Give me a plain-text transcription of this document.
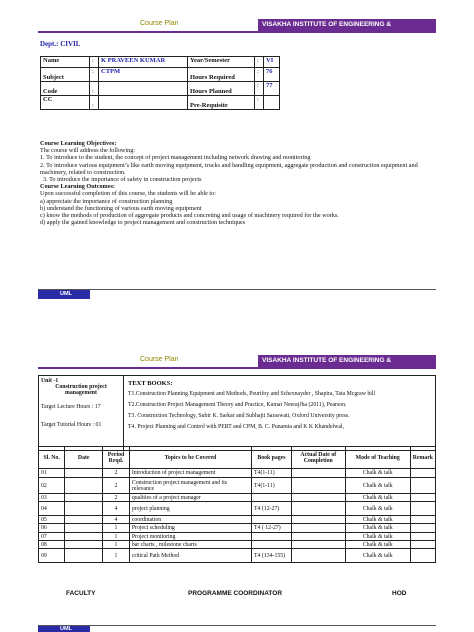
Course Plan	VISAKHA INSTITUTE OF ENGINEERING & TECHNOLOGY
Dept.: CIVIL
Name	:	K PRAVEEN KUMAR	Year/Semester	:	VI
Subject	:	CTPM	Hours Required	:	76
Code	:		Hours Planned	:	77
CC	:		Pre-Requisite	:	
Course Learning Objectives:
The course will address the following:
1. To introduce to the student, the concept of project management including network drawing and monitoring
2. To introduce various equipment’s like earth moving equipment, trucks and handling equipment, aggregate production and construction equipment and machinery, related to construction.
3. To introduce the importance of safety in construction projects
Course Learning Outcomes:
Upon successful completion of this course, the students will be able to:
a) appreciate the importance of construction planning
b) understand the functioning of various earth moving equipment
c) know the methods of production of aggregate products and concreting and usage of machinery required for the works.
d) apply the gained knowledge to project management and construction techniques
UML
Course Plan	VISAKHA INSTITUTE OF ENGINEERING & TECHNOLOGY
Unit -1
Construction project management
Target Lecture Hours : 17
Target Tutorial Hours : 01

TEXT BOOKS:
T1.Construction Planning Equipment and Methods, Peurifoy and Schexnayder , Shapira, Tata Mcgraw hill
T2.Construction Project Management Theory and Practice, Kumar NeerajJha (2011), Pearson.
T3. Construction Technology, Subir K. Sarkar and Subhajit Saraswati, Oxford University press.
T4. Project Planning and Control with PERT and CPM, B. C. Punamia and K K Khandelwal,
Sl. No.	Date	Period Reqd.	Topics to be Covered	Book pages	Actual Date of Completion	Mode of Teaching	Remark
01		2	Introduction of project management	T4(1-11)		Chalk & talk	
02		2	Construction project management and its relevance	T4(1-11)		Chalk & talk	
03		2	qualities of a project manager			Chalk & talk	
04		4	project planning	T4 (12-27)		Chalk & talk	
05		4	coordination			Chalk & talk	
06		1	Project scheduling	T4 ( 12-27)		Chalk & talk	
07		1	Project monitoring			Chalk & talk	
08		1	bar charts , milestone charts			Chalk & talk	
09		1	critical Path Method	T4 (134-155)		Chalk & talk	
FACULTY	PROGRAMME COORDINATOR	HOD
UML
